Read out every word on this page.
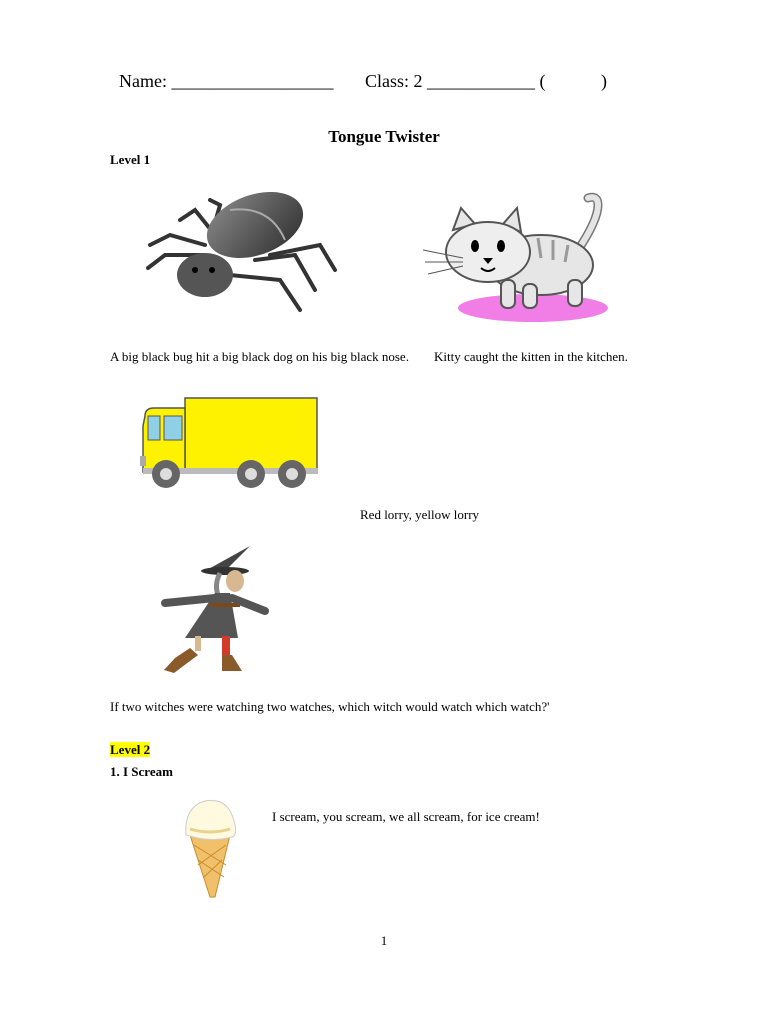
Name: __________________	Class: 2 ____________ (	)

Tongue Twister
Level 1
A big black bug hit a big black dog on his big black nose. Kitty caught the kitten in the kitchen.
Red lorry, yellow lorry
If two witches were watching two watches, which witch would watch which watch?'
Level 2
1. I Scream
I scream, you scream, we all scream, for ice cream!
1
